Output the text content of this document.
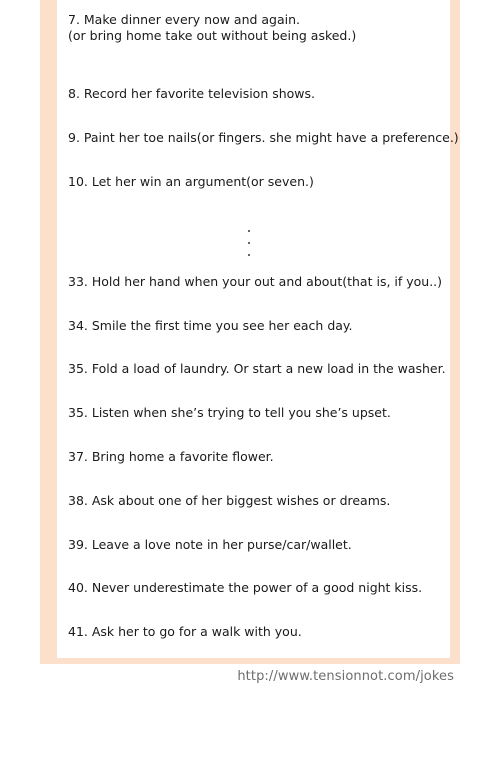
7. Make dinner every now and again.
(or bring home take out without being asked.)
8. Record her favorite television shows.
9. Paint her toe nails(or fingers. she might have a preference.)
10. Let her win an argument(or seven.)
33. Hold her hand when your out and about(that is, if you..)
34. Smile the first time you see her each day.
35. Fold a load of laundry. Or start a new load in the washer.
35. Listen when she’s trying to tell you she’s upset.
37. Bring home a favorite flower.
38. Ask about one of her biggest wishes or dreams.
39. Leave a love note in her purse/car/wallet.
40. Never underestimate the power of a good night kiss.
41. Ask her to go for a walk with you.
http://www.tensionnot.com/jokes
